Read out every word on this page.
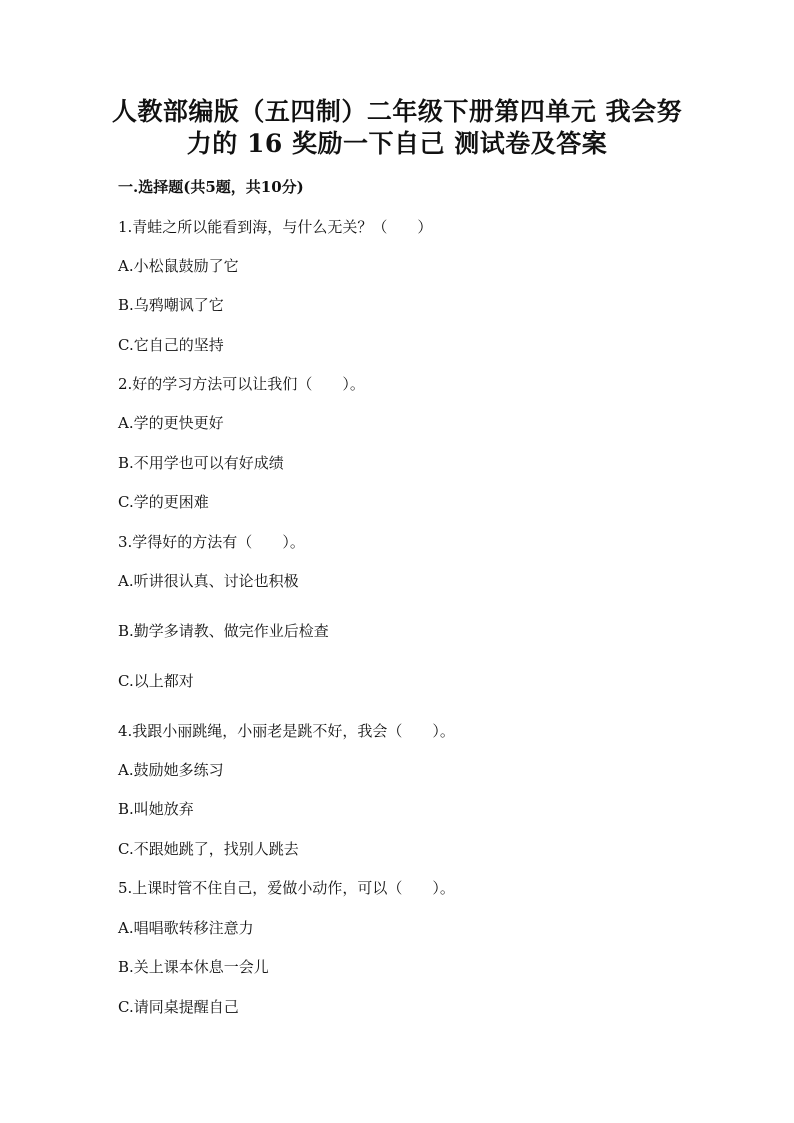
人教部编版（五四制）二年级下册第四单元 我会努
力的 16 奖励一下自己 测试卷及答案
一.选择题(共5题，共10分)
1.青蛙之所以能看到海，与什么无关？（　　）
A.小松鼠鼓励了它
B.乌鸦嘲讽了它
C.它自己的坚持
2.好的学习方法可以让我们（　　）。
A.学的更快更好
B.不用学也可以有好成绩
C.学的更困难
3.学得好的方法有（　　）。
A.听讲很认真、讨论也积极
B.勤学多请教、做完作业后检查
C.以上都对
4.我跟小丽跳绳，小丽老是跳不好，我会（　　）。
A.鼓励她多练习
B.叫她放弃
C.不跟她跳了，找别人跳去
5.上课时管不住自己，爱做小动作，可以（　　）。
A.唱唱歌转移注意力
B.关上课本休息一会儿
C.请同桌提醒自己
